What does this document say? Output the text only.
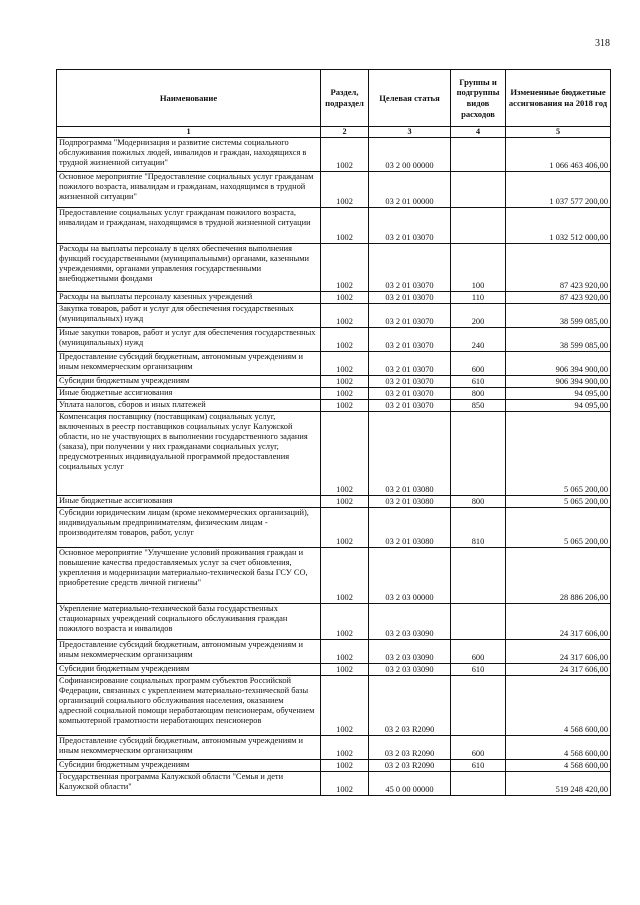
318
Наименование	Раздел, подраздел	Целевая статья	Группы и подгруппы видов расходов	Измененные бюджетные ассигнования на 2018 год
1	2	3	4	5
Подпрограмма "Модернизация и развитие системы социального обслуживания пожилых людей, инвалидов и граждан, находящихся в трудной жизненной ситуации"	1002	03 2 00 00000		1 066 463 406,00
Основное мероприятие "Предоставление социальных услуг гражданам пожилого возраста, инвалидам и гражданам, находящимся в трудной жизненной ситуации"	1002	03 2 01 00000		1 037 577 200,00
Предоставление социальных услуг гражданам пожилого возраста, инвалидам и гражданам, находящимся в трудной жизненной ситуации	1002	03 2 01 03070		1 032 512 000,00
Расходы на выплаты персоналу в целях обеспечения выполнения функций государственными (муниципальными) органами, казенными учреждениями, органами управления государственными внебюджетными фондами	1002	03 2 01 03070	100	87 423 920,00
Расходы на выплаты персоналу казенных учреждений	1002	03 2 01 03070	110	87 423 920,00
Закупка товаров, работ и услуг для обеспечения государственных (муниципальных) нужд	1002	03 2 01 03070	200	38 599 085,00
Иные закупки товаров, работ и услуг для обеспечения государственных (муниципальных) нужд	1002	03 2 01 03070	240	38 599 085,00
Предоставление субсидий бюджетным, автономным учреждениям и иным некоммерческим организациям	1002	03 2 01 03070	600	906 394 900,00
Субсидии бюджетным учреждениям	1002	03 2 01 03070	610	906 394 900,00
Иные бюджетные ассигнования	1002	03 2 01 03070	800	94 095,00
Уплата налогов, сборов и иных платежей	1002	03 2 01 03070	850	94 095,00
Компенсация поставщику (поставщикам) социальных услуг, включенных в реестр поставщиков социальных услуг Калужской области, но не участвующих в выполнении государственного задания (заказа), при получении у них гражданами социальных услуг, предусмотренных индивидуальной программой предоставления социальных услуг	1002	03 2 01 03080		5 065 200,00
Иные бюджетные ассигнования	1002	03 2 01 03080	800	5 065 200,00
Субсидии юридическим лицам (кроме некоммерческих организаций), индивидуальным предпринимателям, физическим лицам - производителям товаров, работ, услуг	1002	03 2 01 03080	810	5 065 200,00
Основное мероприятие "Улучшение условий проживания граждан и повышение качества предоставляемых услуг за счет обновления, укрепления и модернизации материально-технической базы ГСУ СО, приобретение средств личной гигиены"	1002	03 2 03 00000		28 886 206,00
Укрепление материально-технической базы государственных стационарных учреждений социального обслуживания граждан пожилого возраста и инвалидов	1002	03 2 03 03090		24 317 606,00
Предоставление субсидий бюджетным, автономным учреждениям и иным некоммерческим организациям	1002	03 2 03 03090	600	24 317 606,00
Субсидии бюджетным учреждениям	1002	03 2 03 03090	610	24 317 606,00
Софинансирование социальных программ субъектов Российской Федерации, связанных с укреплением материально-технической базы организаций социального обслуживания населения, оказанием адресной социальной помощи неработающим пенсионерам, обучением компьютерной грамотности неработающих пенсионеров	1002	03 2 03 R2090		4 568 600,00
Предоставление субсидий бюджетным, автономным учреждениям и иным некоммерческим организациям	1002	03 2 03 R2090	600	4 568 600,00
Субсидии бюджетным учреждениям	1002	03 2 03 R2090	610	4 568 600,00
Государственная программа Калужской области "Семья и дети Калужской области"	1002	45 0 00 00000		519 248 420,00
